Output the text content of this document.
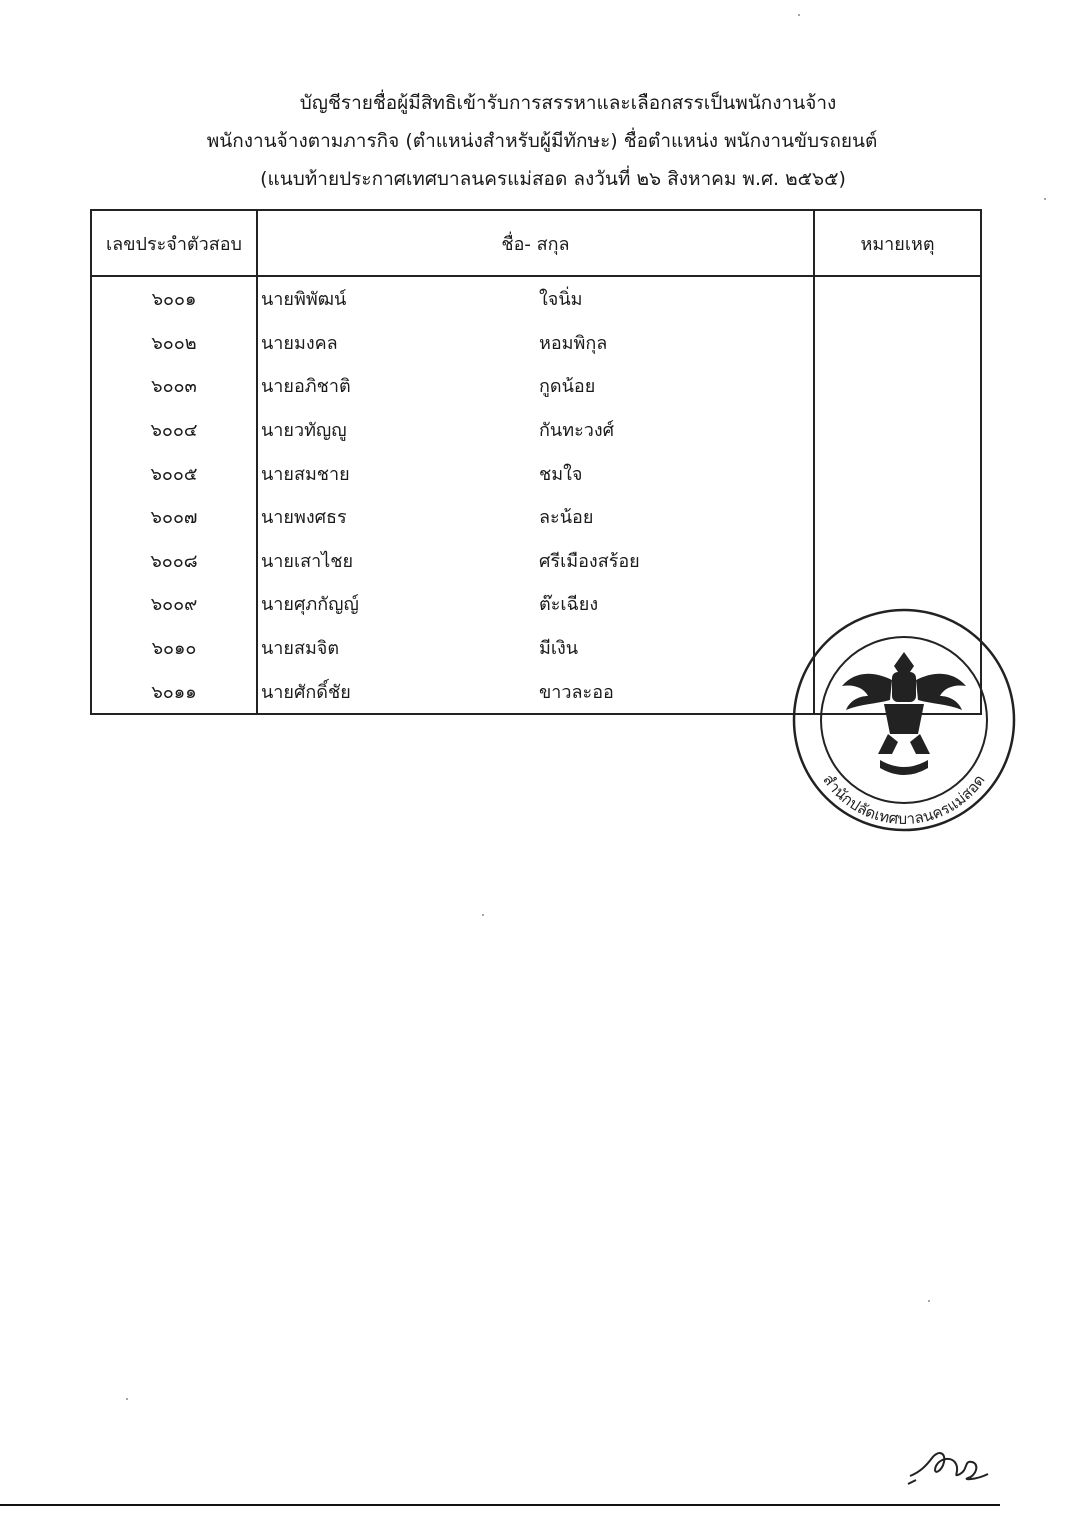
บัญชีรายชื่อผู้มีสิทธิเข้ารับการสรรหาและเลือกสรรเป็นพนักงานจ้าง
พนักงานจ้างตามภารกิจ (ตำแหน่งสำหรับผู้มีทักษะ) ชื่อตำแหน่ง พนักงานขับรถยนต์
(แนบท้ายประกาศเทศบาลนครแม่สอด ลงวันที่ ๒๖ สิงหาคม พ.ศ. ๒๕๖๕)
เลขประจำตัวสอบ	ชื่อ- สกุล	หมายเหตุ
๖๐๐๑	นายพิพัฒน์ ใจนิ่ม	

๖๐๐๒	นายมงคล หอมพิกุล	

๖๐๐๓	นายอภิชาติ กูดน้อย	

๖๐๐๔	นายวทัญญู กันทะวงศ์	

๖๐๐๕	นายสมชาย ชมใจ	

๖๐๐๗	นายพงศธร ละน้อย	

๖๐๐๘	นายเสาไชย ศรีเมืองสร้อย	

๖๐๐๙	นายศุภกัญญ์ ต๊ะเฉียง	

๖๐๑๐	นายสมจิต มีเงิน	

๖๐๑๑	นายศักดิ์ชัย ขาวละออ	

สำนักปลัดเทศบาลนครแม่สอด
